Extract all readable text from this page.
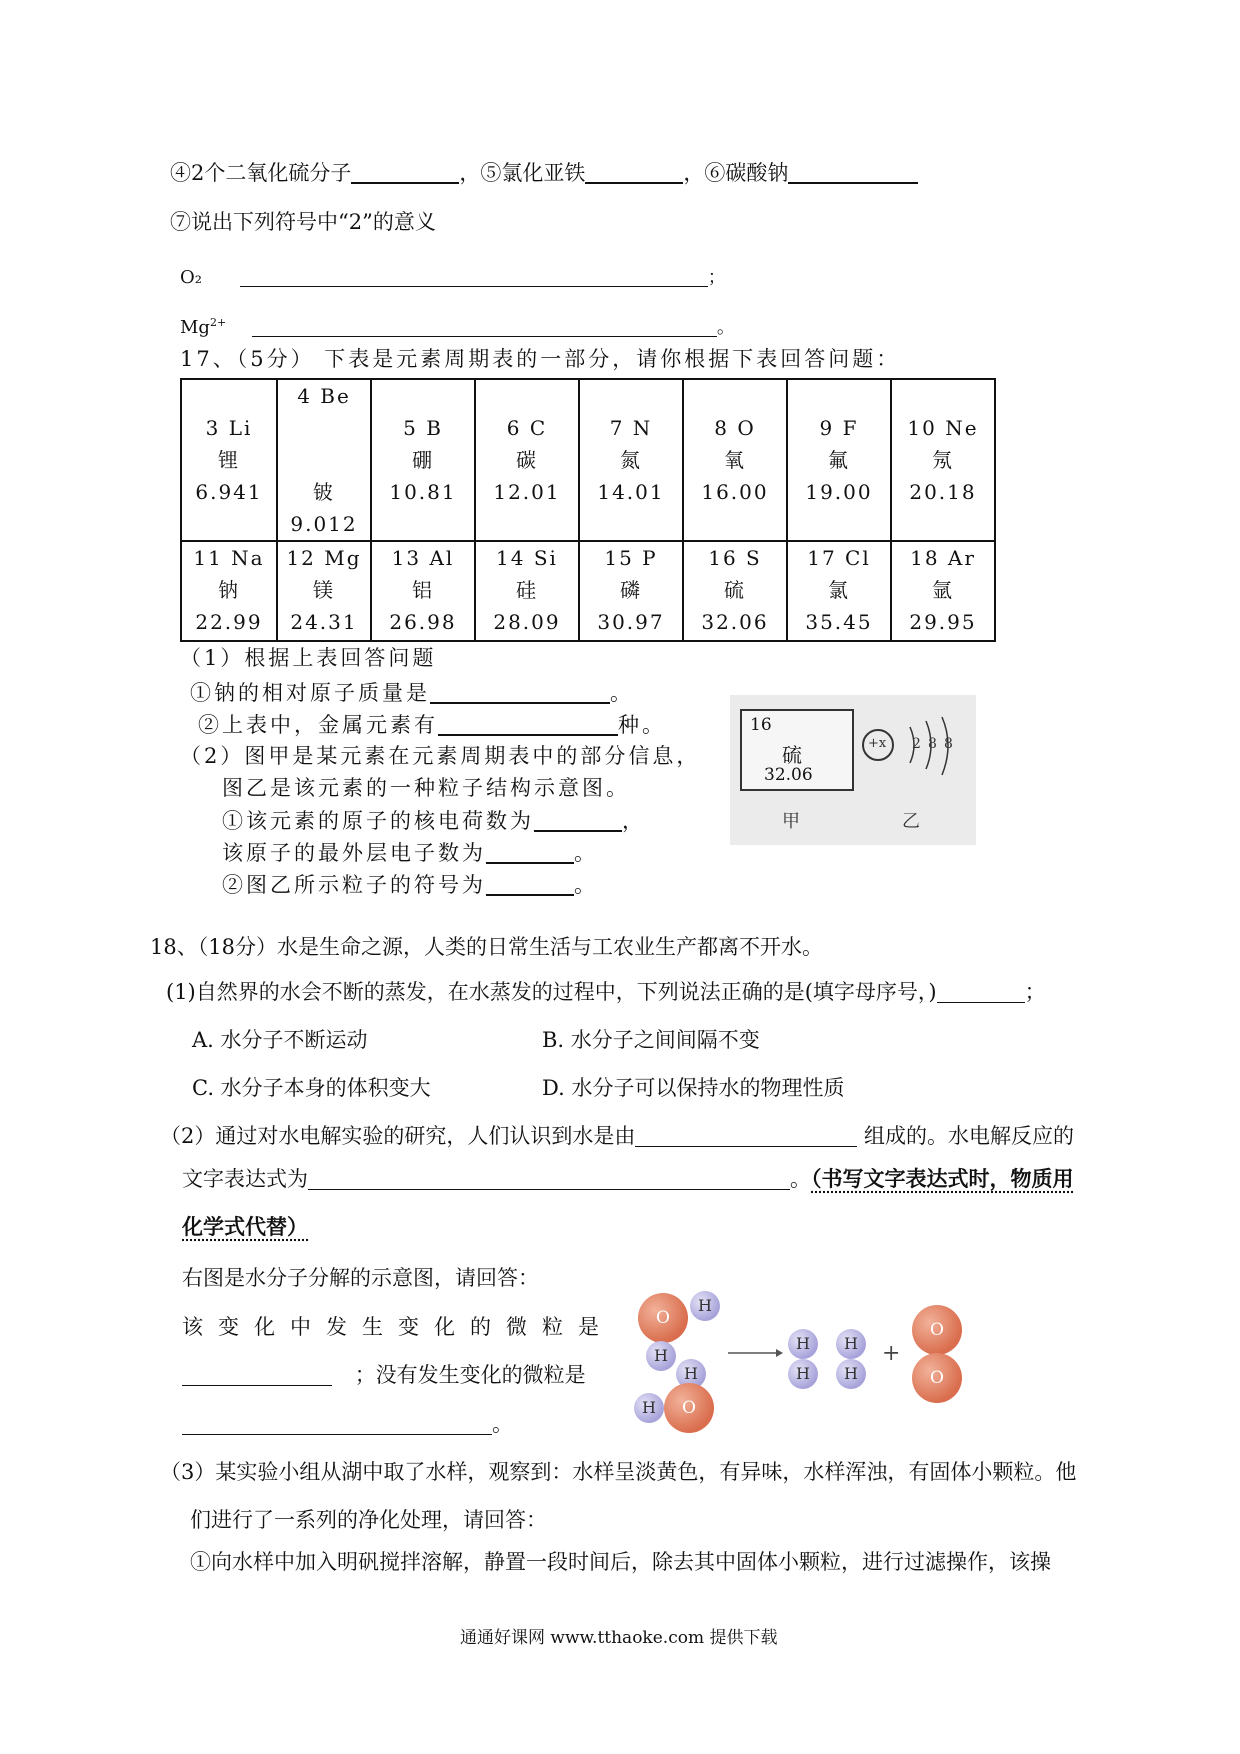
④2个二氧化硫分子	，⑤氯化亚铁	，⑥碳酸钠
⑦说出下列符号中“2”的意义
O₂	；
$Mg^{2+}$	。
17、（5分） 下表是元素周期表的一部分，请你根据下表回答问题：

3 Li
锂
6.941	4 Be

铍
9.012	5 B
硼
10.81	6 C
碳
12.01	7 N
氮
14.01	8 O
氧
16.00	9 F
氟
19.00	10 Ne
氖
20.18

11 Na
钠
22.99	12 Mg
镁
24.31	13 Al
铝
26.98	14 Si
硅
28.09	15 P
磷
30.97	16 S
硫
32.06	17 Cl
氯
35.45	18 Ar
氩
29.95
（1）根据上表回答问题
①钠的相对原子质量是	。
②上表中，金属元素有	种。
（2）图甲是某元素在元素周期表中的部分信息，
图乙是该元素的一种粒子结构示意图。
①该元素的原子的核电荷数为	，
该原子的最外层电子数为	。
②图乙所示粒子的符号为	。
16
硫
32.06
甲	乙
+x 2 8 8
18、（18分）水是生命之源，人类的日常生活与工农业生产都离不开水。
(1)自然界的水会不断的蒸发，在水蒸发的过程中，下列说法正确的是(填字母序号，)	；
A. 水分子不断运动	B. 水分子之间间隔不变
C. 水分子本身的体积变大	D. 水分子可以保持水的物理性质
（2）通过对水电解实验的研究，人们认识到水是由	组成的。水电解反应的
文字表达式为	。（书写文字表达式时，物质用
化学式代替）
右图是水分子分解的示意图，请回答：
该变化中发生变化的微粒是
；没有发生变化的微粒是
。
O
H
H
H
H	O
→ H
H
H
H
+
O
O
（3）某实验小组从湖中取了水样，观察到：水样呈淡黄色，有异味，水样浑浊，有固体小颗粒。他
们进行了一系列的净化处理，请回答：
①向水样中加入明矾搅拌溶解，静置一段时间后，除去其中固体小颗粒，进行过滤操作，该操
通通好课网 www.tthaoke.com 提供下载
